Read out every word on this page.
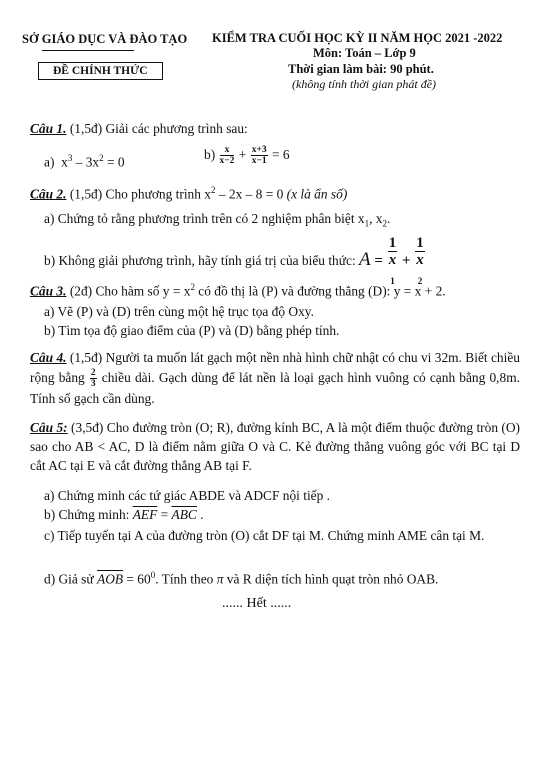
SỞ GIÁO DỤC VÀ ĐÀO TẠO
ĐỀ CHÍNH THỨC
KIỂM TRA CUỐI HỌC KỲ II NĂM HỌC 2021 -2022
Môn: Toán – Lớp 9
Thời gian làm bài: 90 phút.
(không tính thời gian phát đề)
Câu 1. (1,5đ) Giải các phương trình sau:
a) $x^3 - 3x^2 = 0$	$b) \frac{x}{x-2} + \frac{x+3}{x-1} = 6$
Câu 2. (1,5đ) Cho phương trình $x^2 - 2x - 8 = 0$ (x là ẩn số)
a) Chứng tỏ rằng phương trình trên có 2 nghiệm phân biệt $x_1$, $x_2$.
b) Không giải phương trình, hãy tính giá trị của biểu thức: A = 1
x
$_1$ + 1
x
$_2$
Câu 3. (2đ) Cho hàm số $y = x^2$ có đồ thị là (P) và đường thẳng (D): y = x + 2.
a) Vẽ (P) và (D) trên cùng một hệ trục tọa độ Oxy.
b) Tìm tọa độ giao điểm của (P) và (D) bằng phép tính.
Câu 4. (1,5đ) Người ta muốn lát gạch một nền nhà hình chữ nhật có chu vi 32m. Biết chiều rộng bằng $\frac{2}{3}$ chiều dài. Gạch dùng để lát nền là loại gạch hình vuông có cạnh bằng 0,8m. Tính số gạch cần dùng.
Câu 5: (3,5đ) Cho đường tròn (O; R), đường kính BC, A là một điểm thuộc đường tròn (O) sao cho AB < AC, D là điểm nằm giữa O và C. Kẻ đường thẳng vuông góc với BC tại D cắt AC tại E và cắt đường thẳng AB tại F.
a) Chứng minh các tứ giác ABDE và ADCF nội tiếp .
b) Chứng minh: $\overline{AEF} = \overline{ABC}$ .
c) Tiếp tuyến tại A của đường tròn (O) cắt DF tại M. Chứng minh AME cân tại M.
d) Giả sử $\overline{AOB} = 60^0$. Tính theo π và R diện tích hình quạt tròn nhỏ OAB.
...... Hết ......
